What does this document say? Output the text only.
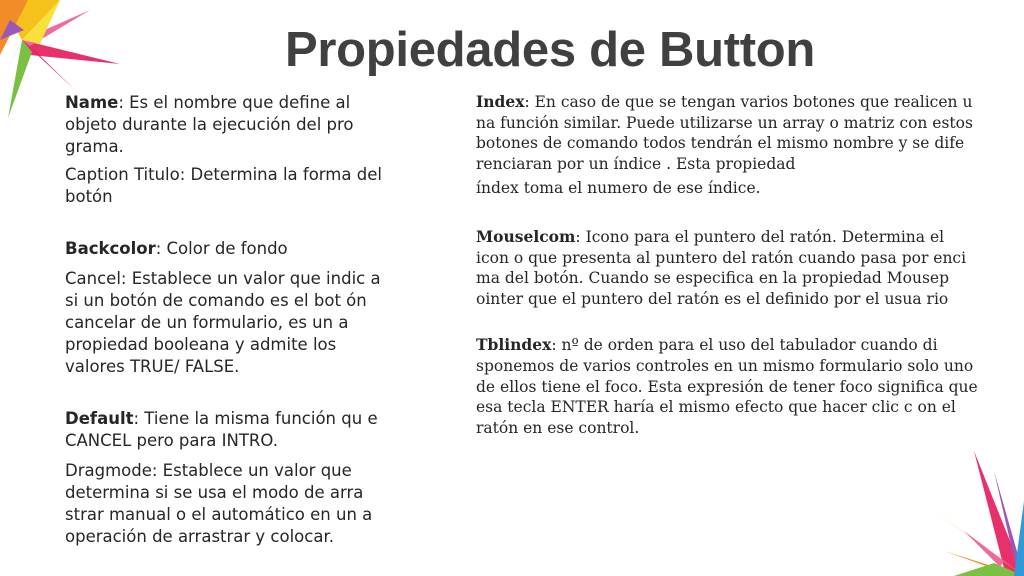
Propiedades de Button

Name: Es el nombre que define al objeto durante la ejecución del pro grama.

Caption Titulo: Determina la forma del botón

Backcolor: Color de fondo

Cancel: Establece un valor que indic a si un botón de comando es el bot ón cancelar de un formulario, es un a propiedad booleana y admite los valores TRUE/ FALSE.

Default: Tiene la misma función qu e CANCEL pero para INTRO.

Dragmode: Establece un valor que determina si se usa el modo de arra strar manual o el automático en un a operación de arrastrar y colocar.

Index: En caso de que se tengan varios botones que realicen u na función similar. Puede utilizarse un array o matriz con estos botones de comando todos tendrán el mismo nombre y se dife renciaran por un índice . Esta propiedad

índex toma el numero de ese índice.

Mouselcom: Icono para el puntero del ratón. Determina el icon o que presenta al puntero del ratón cuando pasa por enci ma del botón. Cuando se especifica en la propiedad Mousep ointer que el puntero del ratón es el definido por el usua rio

Tblindex: nº de orden para el uso del tabulador cuando di sponemos de varios controles en un mismo formulario solo uno de ellos tiene el foco. Esta expresión de tener foco significa que esa tecla ENTER haría el mismo efecto que hacer clic c on el ratón en ese control.
